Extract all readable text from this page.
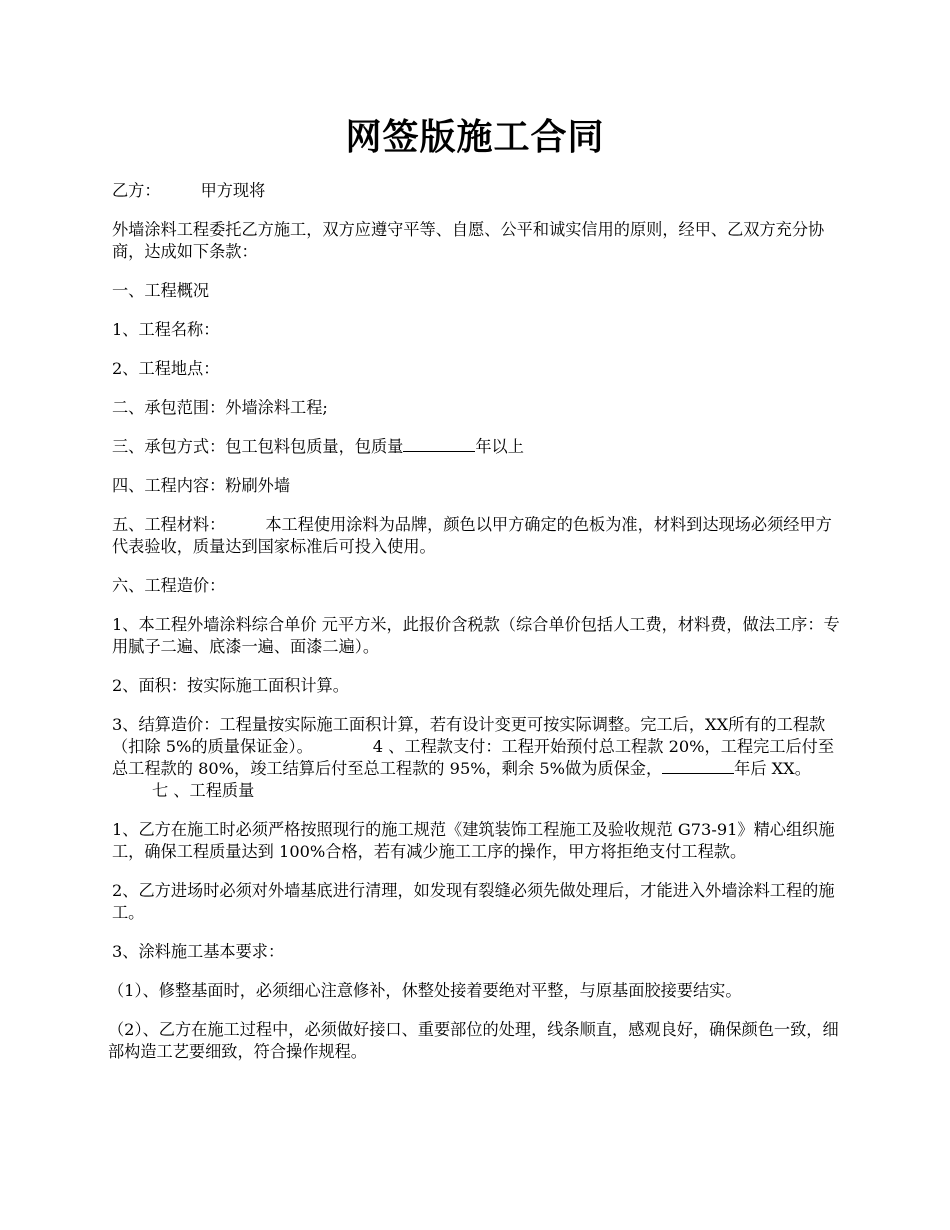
网签版施工合同

乙方： 甲方现将

外墙涂料工程委托乙方施工，双方应遵守平等、自愿、公平和诚实信用的原则，经甲、乙双方充分协商，达成如下条款：

一、工程概况

1、工程名称：

2、工程地点：

二、承包范围：外墙涂料工程;

三、承包方式：包工包料包质量，包质量	年以上

四、工程内容：粉刷外墙

五、工程材料： 本工程使用涂料为品牌，颜色以甲方确定的色板为准，材料到达现场必须经甲方代表验收，质量达到国家标准后可投入使用。

六、工程造价：

1、本工程外墙涂料综合单价 元平方米，此报价含税款（综合单价包括人工费，材料费，做法工序：专用腻子二遍、底漆一遍、面漆二遍）。

2、面积：按实际施工面积计算。

3、结算造价：工程量按实际施工面积计算，若有设计变更可按实际调整。完工后，XX所有的工程款（扣除 5%的质量保证金）。	4 、工程款支付：工程开始预付总工程款 20%，工程完工后付至总工程款的 80%，竣工结算后付至总工程款的 95%，剩余 5%做为质保金，	年后 XX。七 、工程质量

1、乙方在施工时必须严格按照现行的施工规范《建筑装饰工程施工及验收规范 G73-91》精心组织施工，确保工程质量达到 100%合格，若有减少施工工序的操作，甲方将拒绝支付工程款。

2、乙方进场时必须对外墙基底进行清理，如发现有裂缝必须先做处理后，才能进入外墙涂料工程的施工。

3、涂料施工基本要求：

（1）、修整基面时，必须细心注意修补，休整处接着要绝对平整，与原基面胶接要结实。

（2）、乙方在施工过程中，必须做好接口、重要部位的处理，线条顺直，感观良好，确保颜色一致，细部构造工艺要细致，符合操作规程。
